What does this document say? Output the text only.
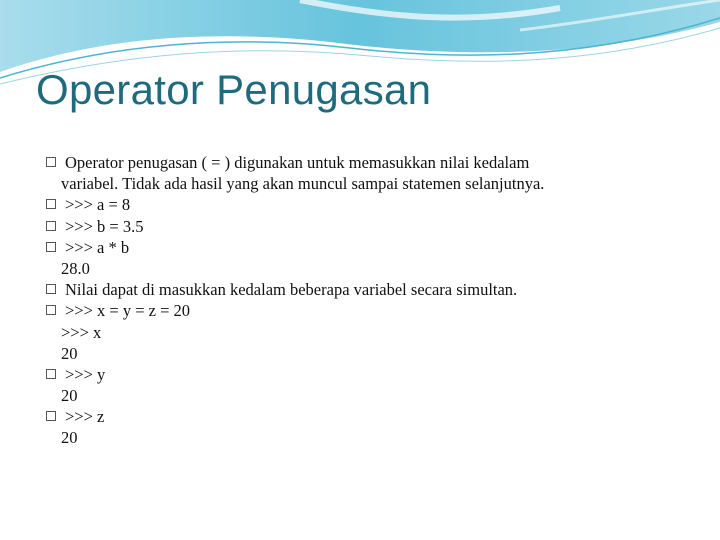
Operator Penugasan
Operator penugasan ( = ) digunakan untuk memasukkan nilai kedalam
variabel. Tidak ada hasil yang akan muncul sampai statemen selanjutnya.
>>> a = 8
>>> b = 3.5
>>> a * b
28.0
Nilai dapat di masukkan kedalam beberapa variabel secara simultan.
>>> x = y = z = 20
>>> x
20
>>> y
20
>>> z
20
